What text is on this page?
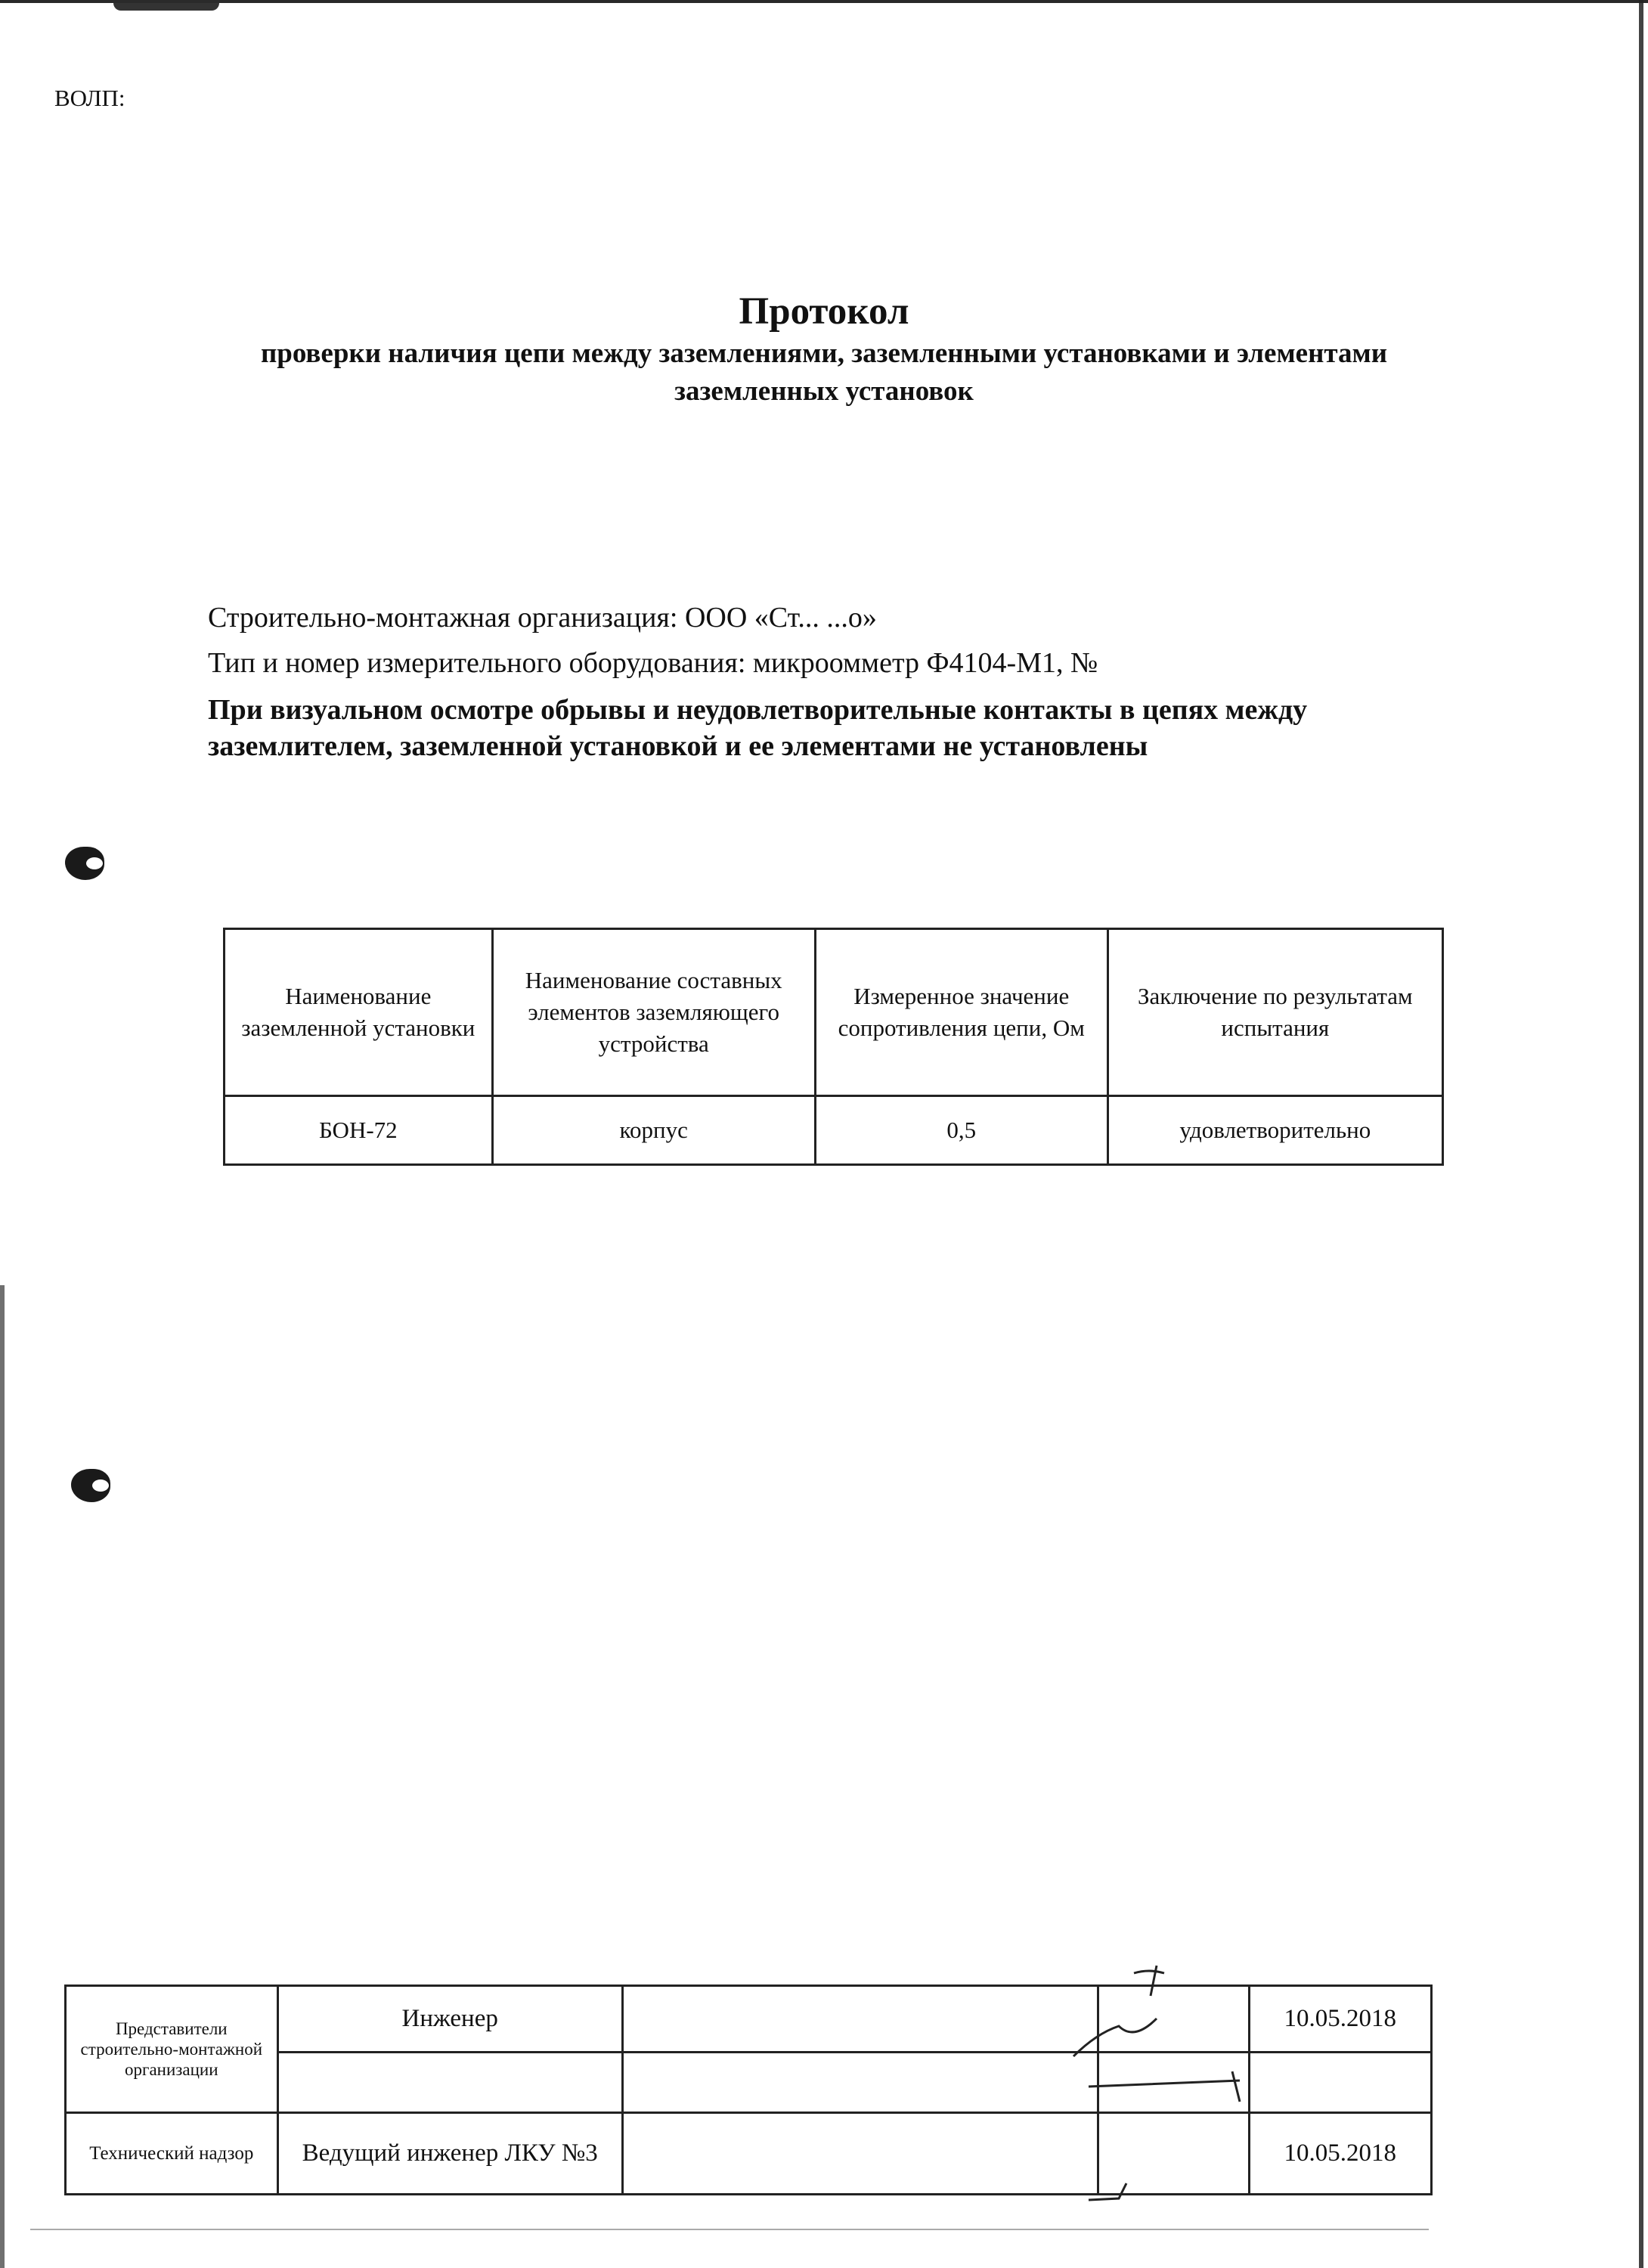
ВОЛП:
Протокол
проверки наличия цепи между заземлениями, заземленными установками и элементами заземленных установок
Строительно-монтажная организация: ООО «Ст... ...о»
Тип и номер измерительного оборудования: микроомметр Ф4104-М1, №
При визуальном осмотре обрывы и неудовлетворительные контакты в цепях между заземлителем, заземленной установкой и ее элементами не установлены
Наименование заземленной установки	Наименование составных элементов заземляющего устройства	Измеренное значение сопротивления цепи, Ом	Заключение по результатам испытания
БОН-72	корпус	0,5	удовлетворительно
Представители строительно-монтажной организации	Инженер			10.05.2018

Технический надзор	Ведущий инженер ЛКУ №3			10.05.2018
